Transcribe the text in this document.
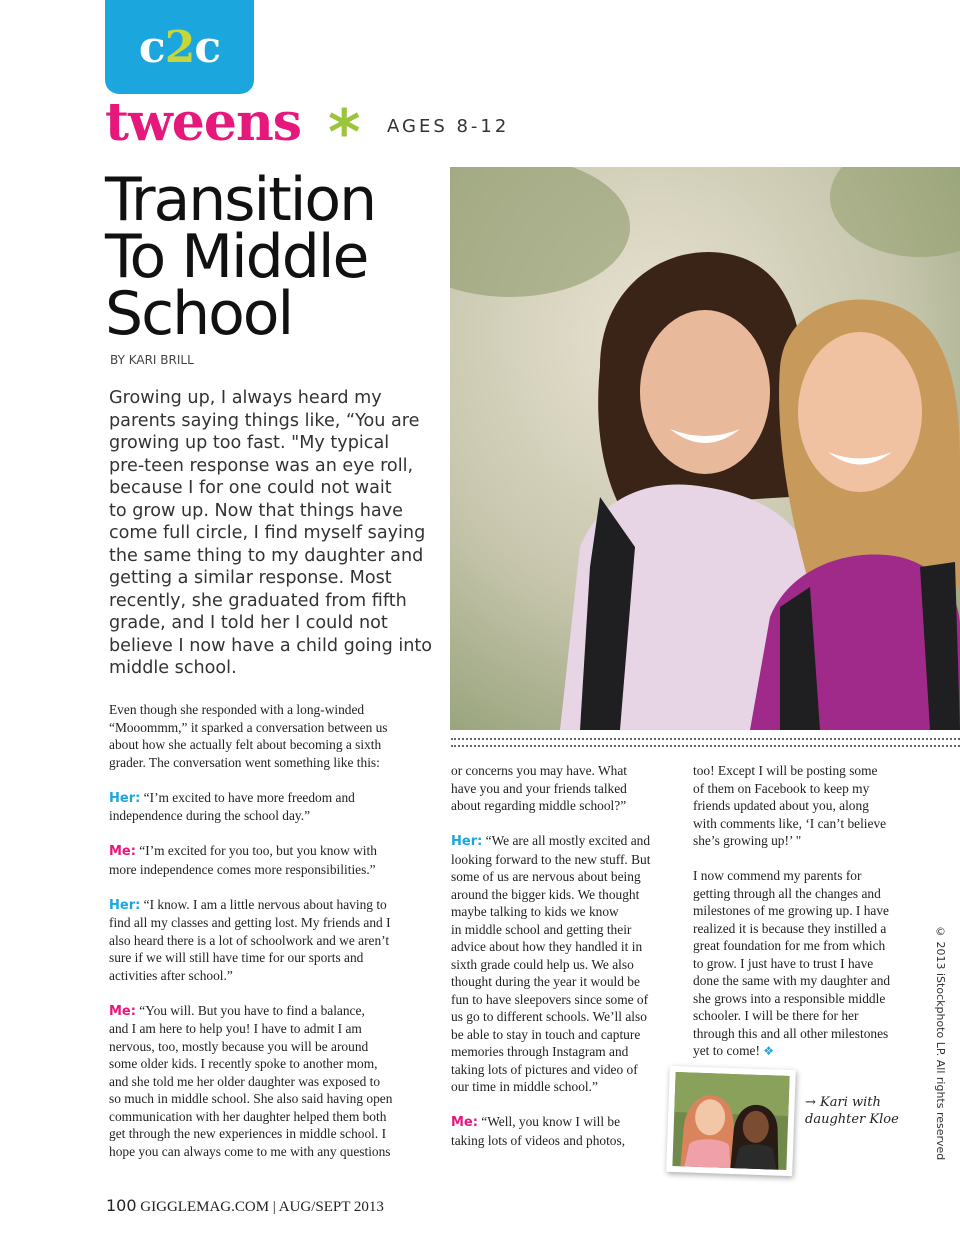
c2c
tweens * AGES 8-12
Transition
To Middle
School
BY KARI BRILL
Growing up, I always heard my
parents saying things like, “You are
growing up too fast. "My typical
pre-teen response was an eye roll,
because I for one could not wait
to grow up. Now that things have
come full circle, I find myself saying
the same thing to my daughter and
getting a similar response. Most
recently, she graduated from fifth
grade, and I told her I could not
believe I now have a child going into
middle school.

Even though she responded with a long-winded
“Mooommm,” it sparked a conversation between us
about how she actually felt about becoming a sixth
grader. The conversation went something like this:

Her: “I’m excited to have more freedom and
independence during the school day.”

Me: “I’m excited for you too, but you know with
more independence comes more responsibilities.”

Her: “I know. I am a little nervous about having to
find all my classes and getting lost. My friends and I
also heard there is a lot of schoolwork and we aren’t
sure if we will still have time for our sports and
activities after school.”

Me: “You will. But you have to find a balance,
and I am here to help you! I have to admit I am
nervous, too, mostly because you will be around
some older kids. I recently spoke to another mom,
and she told me her older daughter was exposed to
so much in middle school. She also said having open
communication with her daughter helped them both
get through the new experiences in middle school. I
hope you can always come to me with any questions

or concerns you may have. What
have you and your friends talked
about regarding middle school?”

Her: “We are all mostly excited and
looking forward to the new stuff. But
some of us are nervous about being
around the bigger kids. We thought
maybe talking to kids we know
in middle school and getting their
advice about how they handled it in
sixth grade could help us. We also
thought during the year it would be
fun to have sleepovers since some of
us go to different schools. We’ll also
be able to stay in touch and capture
memories through Instagram and
taking lots of pictures and video of
our time in middle school.”

Me: “Well, you know I will be
taking lots of videos and photos,

too! Except I will be posting some
of them on Facebook to keep my
friends updated about you, along
with comments like, ‘I can’t believe
she’s growing up!’ "

I now commend my parents for
getting through all the changes and
milestones of me growing up. I have
realized it is because they instilled a
great foundation for me from which
to grow. I just have to trust I have
done the same with my daughter and
she grows into a responsible middle
schooler. I will be there for her
through this and all other milestones
yet to come! ❖

→ Kari with
daughter Kloe	© 2013 iStockphoto LP. All rights reserved
100 GIGGLEMAG.COM | AUG/SEPT 2013
